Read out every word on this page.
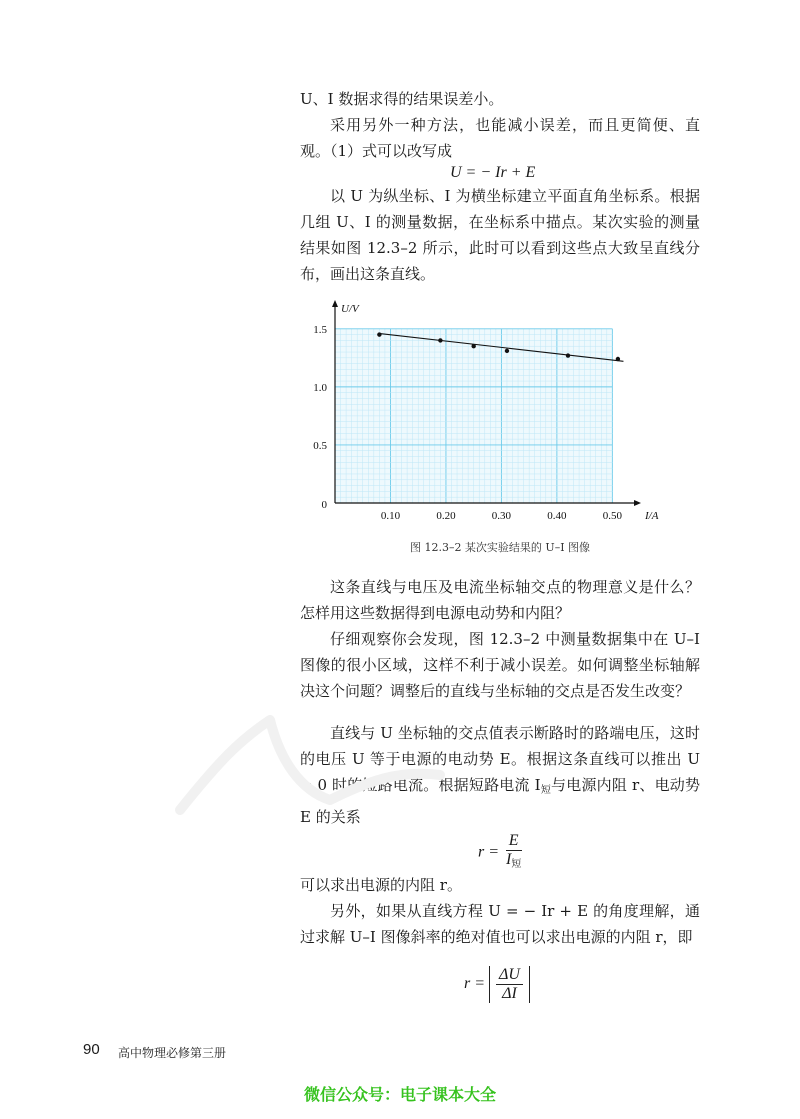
U、I 数据求得的结果误差小。

采用另外一种方法，也能减小误差，而且更简便、直观。（1）式可以改写成

U = − Ir + E

以 U 为纵坐标、I 为横坐标建立平面直角坐标系。根据几组 U、I 的测量数据，在坐标系中描点。某次实验的测量结果如图 12.3–2 所示，此时可以看到这些点大致呈直线分布，画出这条直线。

0.10	0.20	0.30	0.40	0.50
0.5
1.0
1.5
0
I/A
U/V
图 12.3–2 某次实验结果的 U–I 图像

这条直线与电压及电流坐标轴交点的物理意义是什么？怎样用这些数据得到电源电动势和内阻？

仔细观察你会发现，图 12.3–2 中测量数据集中在 U–I 图像的很小区域，这样不利于减小误差。如何调整坐标轴解决这个问题？调整后的直线与坐标轴的交点是否发生改变？

直线与 U 坐标轴的交点值表示断路时的路端电压，这时的电压 U 等于电源的电动势 E。根据这条直线可以推出 U = 0 时的短路电流。根据短路电流 $I_短$与电源内阻 r、电动势 E 的关系

$r = \frac{E}{I_短}$

可以求出电源的内阻 r。

另外，如果从直线方程 U = − Ir + E 的角度理解，通过求解 U–I 图像斜率的绝对值也可以求出电源的内阻 r，即

$r = \frac{\Delta U}{\Delta I}$
90 高中物理必修第三册
微信公众号：电子课本大全
